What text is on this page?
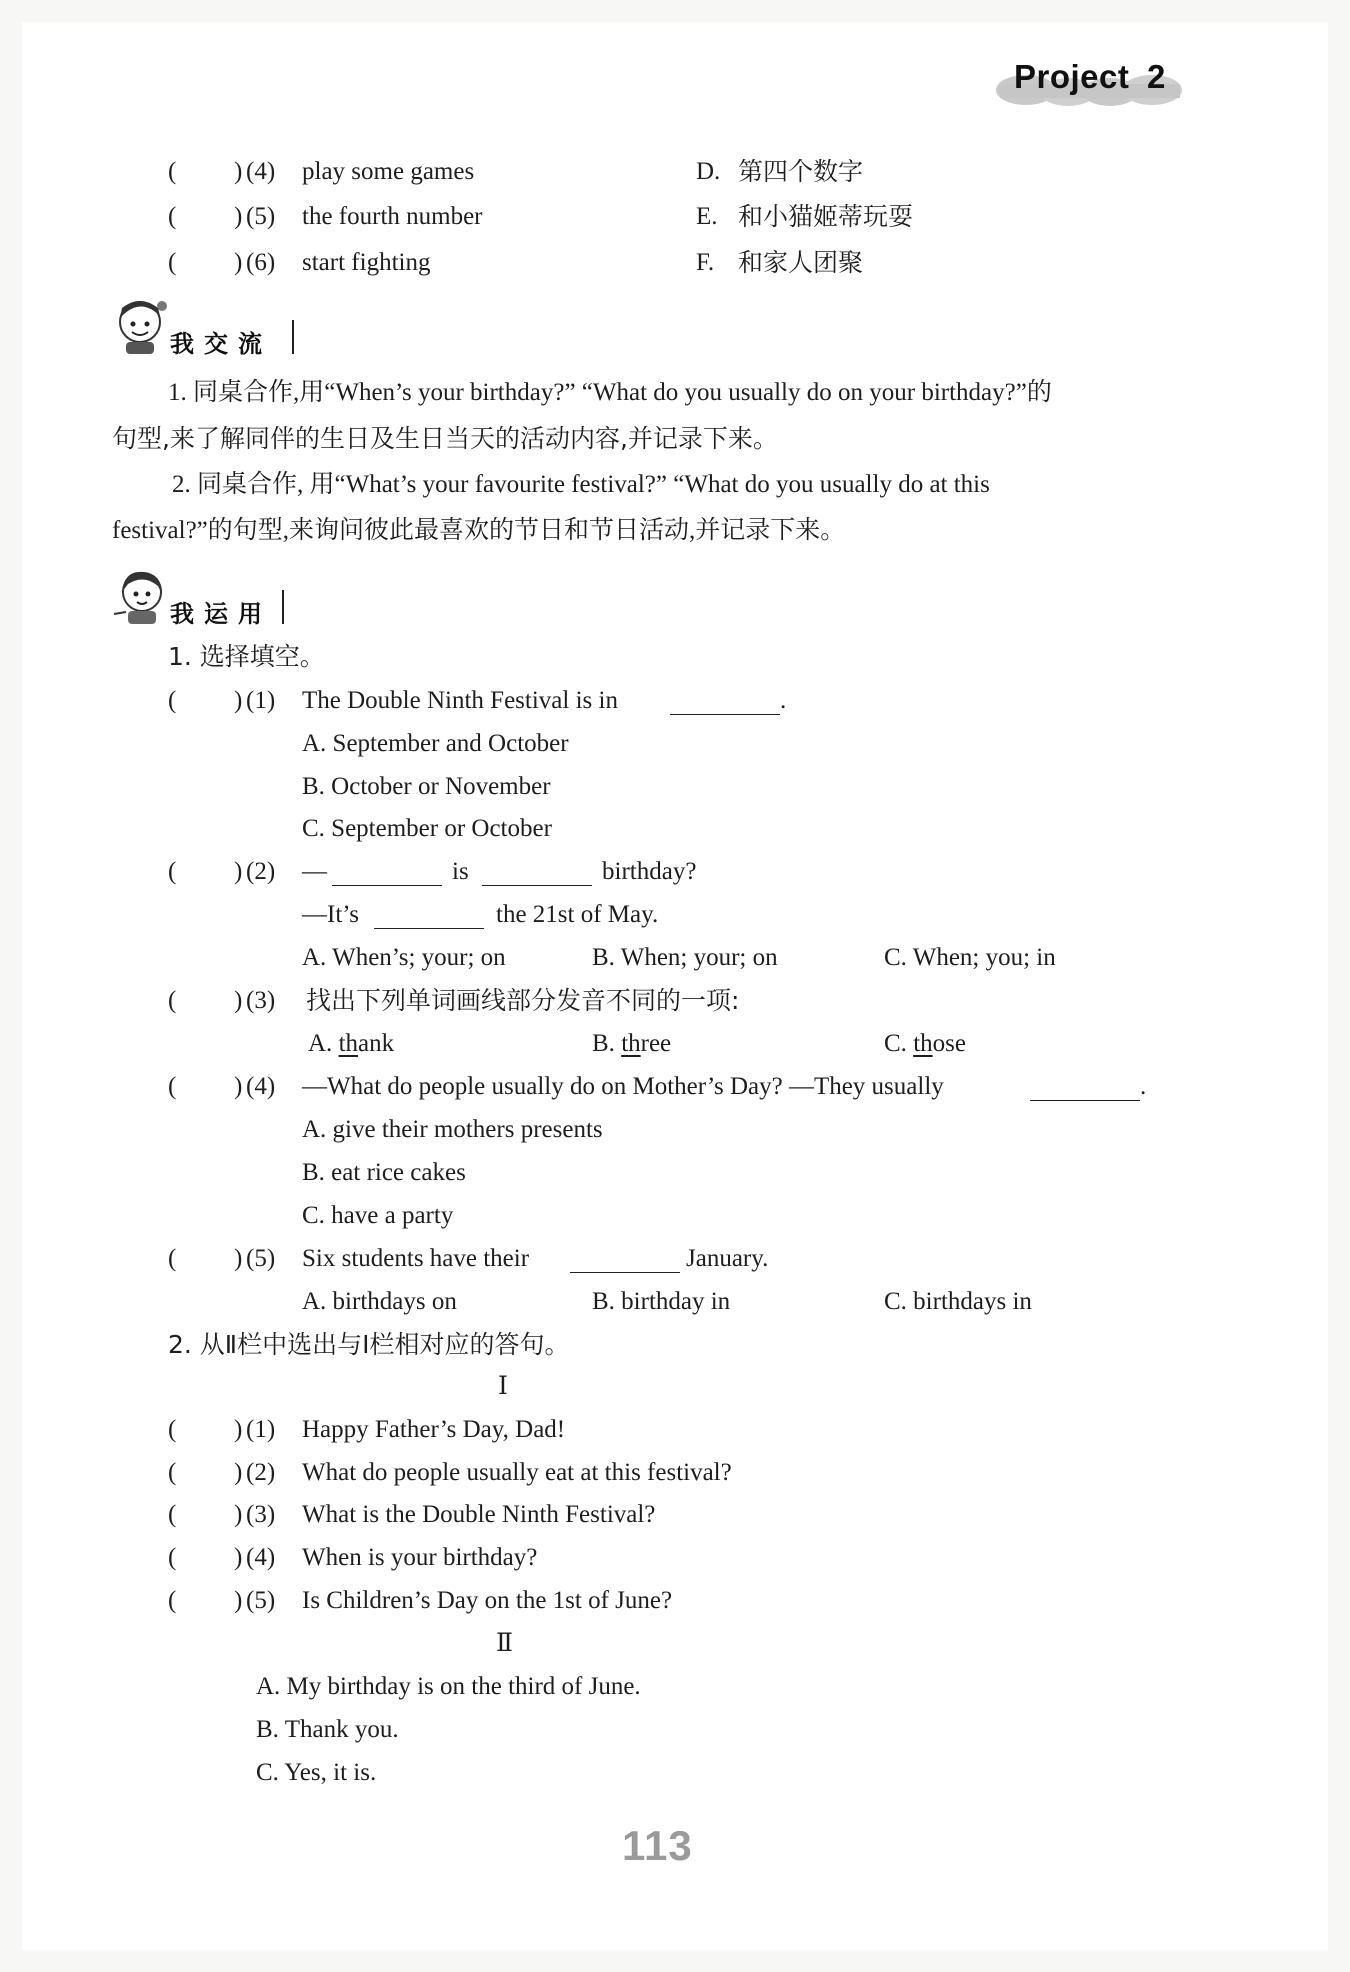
Project 2
( ) (4) play some games	D. 第四个数字
( ) (5) the fourth number	E. 和小猫姬蒂玩耍
( ) (6) start fighting	F. 和家人团聚
我交流
1. 同桌合作,用“When’s your birthday?” “What do you usually do on your birthday?”的
句型,来了解同伴的生日及生日当天的活动内容,并记录下来。
2. 同桌合作, 用“What’s your favourite festival?” “What do you usually do at this
festival?”的句型,来询问彼此最喜欢的节日和节日活动,并记录下来。
我运用
1. 选择填空。
( ) (1) The Double Ninth Festival is in	.
A. September and October
B. October or November
C. September or October
( ) (2) —	is	birthday?
—It’s	the 21st of May.
A. When’s; your; on	B. When; your; on	C. When; you; in
( ) (3) 找出下列单词画线部分发音不同的一项:
A. thank	B. three	C. those
( ) (4) —What do people usually do on Mother’s Day? —They usually	.
A. give their mothers presents
B. eat rice cakes
C. have a party
( ) (5) Six students have their	January.
A. birthdays on	B. birthday in	C. birthdays in
2. 从Ⅱ栏中选出与Ⅰ栏相对应的答句。
Ⅰ
( ) (1) Happy Father’s Day, Dad!
( ) (2) What do people usually eat at this festival?
( ) (3) What is the Double Ninth Festival?
( ) (4) When is your birthday?
( ) (5) Is Children’s Day on the 1st of June?
Ⅱ
A. My birthday is on the third of June.
B. Thank you.
C. Yes, it is.
113
